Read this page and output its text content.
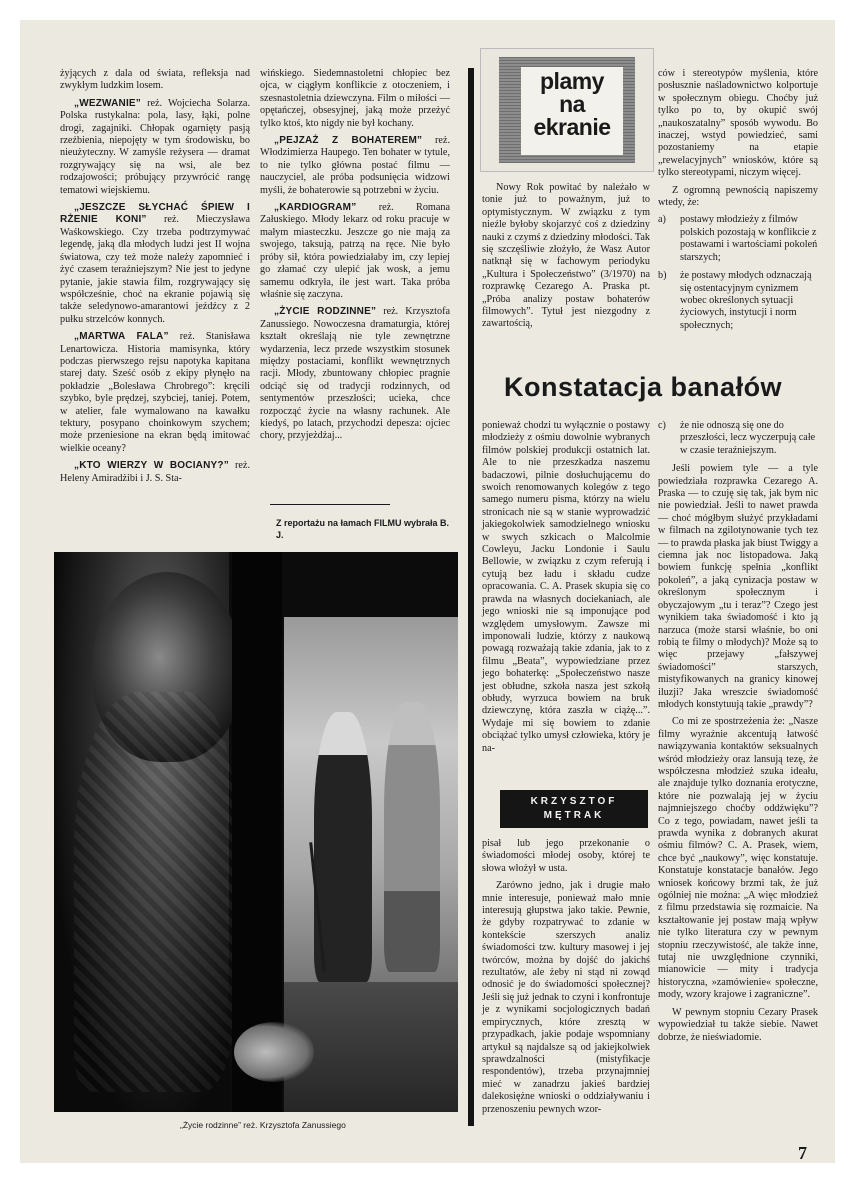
żyjących z dala od świata, refleksja nad zwykłym ludzkim losem.

„WEZWANIE” reż. Wojciecha Solarza. Polska rustykalna: pola, lasy, łąki, polne drogi, zagajniki. Chłopak ogarnięty pasją rzeźbienia, niepojęty w tym środowisku, bo nieużyteczny. W zamyśle reżysera — dramat rozgrywający się na wsi, ale bez rodzajowości; próbujący przywrócić rangę tematowi wiejskiemu.

„JESZCZE SŁYCHAĆ ŚPIEW I RŻENIE KONI” reż. Mieczysława Waśkowskiego. Czy trzeba podtrzymywać legendę, jaką dla młodych ludzi jest II wojna światowa, czy też może należy zapomnieć i żyć czasem teraźniejszym? Nie jest to jedyne pytanie, jakie stawia film, rozgrywający się współcześnie, choć na ekranie pojawią się także seledynowo-amarantowi jeźdźcy z 2 pułku strzelców konnych.

„MARTWA FALA” reż. Stanisława Lenartowicza. Historia mamisynka, który podczas pierwszego rejsu napotyka kapitana starej daty. Sześć osób z ekipy płynęło na pokładzie „Bolesława Chrobrego”: kręcili szybko, byle prędzej, szybciej, taniej. Potem, w atelier, fale wymalowano na kawałku tektury, posypano choinkowym szychem; może przeniesione na ekran będą imitować wielkie oceany?

„KTO WIERZY W BOCIANY?” reż. Heleny Amiradżibi i J. S. Sta-

wińskiego. Siedemnastoletni chłopiec bez ojca, w ciągłym konflikcie z otoczeniem, i szesnastoletnia dziewczyna. Film o miłości — opętańczej, obsesyjnej, jaką może przeżyć tylko ktoś, kto nigdy nie był kochany.

„PEJZAŻ Z BOHATEREM” reż. Włodzimierza Haupego. Ten bohater w tytule, to nie tylko główna postać filmu — nauczyciel, ale próba podsunięcia widzowi myśli, że bohaterowie są potrzebni w życiu.

„KARDIOGRAM” reż. Romana Załuskiego. Młody lekarz od roku pracuje w małym miasteczku. Jeszcze go nie mają za swojego, taksują, patrzą na ręce. Nie było próby sił, która powiedziałaby im, czy lepiej go złamać czy ulepić jak wosk, a jemu samemu odkryła, ile jest wart. Taka próba właśnie się zaczyna.

„ŻYCIE RODZINNE” reż. Krzysztofa Zanussiego. Nowoczesna dramaturgia, której kształt określają nie tyle zewnętrzne wydarzenia, lecz przede wszystkim stosunek między postaciami, konflikt wewnętrznych racji. Młody, zbuntowany chłopiec pragnie odciąć się od tradycji rodzinnych, od sentymentów przeszłości; ucieka, chce rozpocząć życie na własny rachunek. Ale kiedyś, po latach, przychodzi depesza: ojciec chory, przyjeżdżaj...

Z reportażu na łamach FILMU wybrała B. J.
„Życie rodzinne” reż. Krzysztofa Zanussiego
plamy
na
ekranie

Nowy Rok powitać by należało w tonie już to poważnym, już to optymistycznym. W związku z tym nieźle byłoby skojarzyć coś z dziedziny nauki z czymś z dziedziny młodości. Tak się szczęśliwie złożyło, że Wasz Autor natknął się w fachowym periodyku „Kultura i Społeczeństwo” (3/1970) na rozprawkę Cezarego A. Praska pt. „Próba analizy postaw bohaterów filmowych”. Tytuł jest niezgodny z zawartością,

ców i stereotypów myślenia, które posłusznie naśladownictwo kolportuje w społecznym obiegu. Choćby już tylko po to, by okupić swój „naukoszatalny” sposób wywodu. Bo inaczej, wstyd powiedzieć, sami pozostaniemy na etapie „rewelacyjnych” wniosków, które są tylko stereotypami, niczym więcej.

Z ogromną pewnością napiszemy wtedy, że:

a) postawy młodzieży z filmów polskich pozostają w konflikcie z postawami i wartościami pokoleń starszych;
b) że postawy młodych odznaczają się ostentacyjnym cynizmem wobec określonych sytuacji życiowych, instytucji i norm społecznych;
Konstatacja banałów

ponieważ chodzi tu wyłącznie o postawy młodzieży z ośmiu dowolnie wybranych filmów polskiej produkcji ostatnich lat. Ale to nie przeszkadza naszemu badaczowi, pilnie dosłuchującemu do swoich renomowanych kolegów z tego samego numeru pisma, którzy na wielu stronicach nie są w stanie wyprowadzić jakiegokolwiek samodzielnego wniosku w swych szkicach o Malcolmie Cowleyu, Jacku Londonie i Saulu Bellowie, w związku z czym referują i cytują bez ładu i składu cudze opracowania. C. A. Prasek skupia się co prawda na własnych dociekaniach, ale jego wnioski nie są imponujące pod względem umysłowym. Zawsze mi imponowali ludzie, którzy z naukową powagą rozważają takie zdania, jak to z filmu „Beata”, wypowiedziane przez jego bohaterkę: „Społeczeństwo nasze jest obłudne, szkoła nasza jest szkołą obłudy, wyrzuca bowiem na bruk dziewczynę, która zaszła w ciążę...”. Wydaje mi się bowiem to zdanie obciążać tylko umysł człowieka, który je na-

KRZYSZTOF
MĘTRAK

pisał lub jego przekonanie o świadomości młodej osoby, której te słowa włożył w usta.

Zarówno jedno, jak i drugie mało mnie interesuje, ponieważ mało mnie interesują głupstwa jako takie. Pewnie, że gdyby rozpatrywać to zdanie w kontekście szerszych analiz świadomości tzw. kultury masowej i jej twórców, można by dojść do jakichś rezultatów, ale żeby ni stąd ni zowąd odnosić je do świadomości społecznej? Jeśli się już jednak to czyni i konfrontuje je z wynikami socjologicznych badań empirycznych, które zresztą w przypadkach, jakie podaje wspomniany artykuł są najdalsze są od jakiejkolwiek sprawdzalności (mistyfikacje respondentów), trzeba przynajmniej mieć w zanadrzu jakieś bardziej dalekosiężne wnioski o oddziaływaniu i przenoszeniu pewnych wzor-

c) że nie odnoszą się one do przeszłości, lecz wyczerpują całe w czasie teraźniejszym.

Jeśli powiem tyle — a tyle powiedziała rozprawka Cezarego A. Praska — to czuję się tak, jak bym nic nie powiedział. Jeśli to nawet prawda — choć mógłbym służyć przykładami w filmach na zgilotynowanie tych tez — to prawda płaska jak biust Twiggy a ciemna jak noc listopadowa. Jaką bowiem funkcję spełnia „konflikt pokoleń”, a jaką cynizacja postaw w określonym społecznym i obyczajowym „tu i teraz”? Czego jest wynikiem taka świadomość i kto ją narzuca (może starsi właśnie, bo oni robią te filmy o młodych)? Może są to więc przejawy „fałszywej świadomości” starszych, mistyfikowanych na granicy kinowej iluzji? Jaka wreszcie świadomość młodych konstytuują takie „prawdy”?

Co mi ze spostrzeżenia że: „Nasze filmy wyraźnie akcentują łatwość nawiązywania kontaktów seksualnych wśród młodzieży oraz lansują tezę, że współczesna młodzież szuka ideału, ale znajduje tylko doznania erotyczne, które nie pozwalają jej w życiu najmniejszego choćby oddźwięku”? Co z tego, powiadam, nawet jeśli ta prawda wynika z dobranych akurat ośmiu filmów? C. A. Prasek, wiem, chce być „naukowy”, więc konstatuje. Konstatuje konstatacje banałów. Jego wniosek końcowy brzmi tak, że już ogólniej nie można: „A więc młodzież z filmu przedstawia się rozmaicie. Na kształtowanie jej postaw mają wpływ nie tylko literatura czy w pewnym stopniu rzeczywistość, ale także inne, tutaj nie uwzględnione czynniki, mianowicie — mity i tradycja historyczna, »zamówienie« społeczne, mody, wzory krajowe i zagraniczne”.

W pewnym stopniu Cezary Prasek wypowiedział tu także siebie. Nawet dobrze, że nieświadomie.

7
